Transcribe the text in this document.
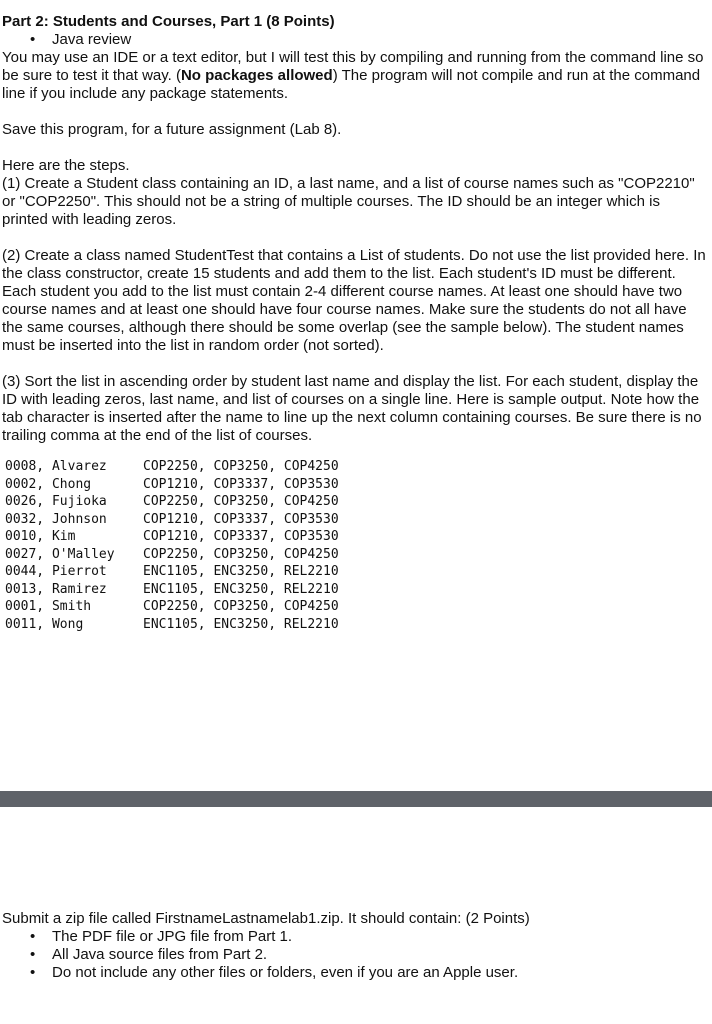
Part 2: Students and Courses, Part 1 (8 Points)

• Java review

You may use an IDE or a text editor, but I will test this by compiling and running from the command line so be sure to test it that way. (No packages allowed) The program will not compile and run at the command line if you include any package statements.

Save this program, for a future assignment (Lab 8).

Here are the steps.

(1) Create a Student class containing an ID, a last name, and a list of course names such as "COP2210" or "COP2250". This should not be a string of multiple courses. The ID should be an integer which is printed with leading zeros.

(2) Create a class named StudentTest that contains a List of students. Do not use the list provided here. In the class constructor, create 15 students and add them to the list. Each student's ID must be different. Each student you add to the list must contain 2-4 different course names. At least one should have two course names and at least one should have four course names. Make sure the students do not all have the same courses, although there should be some overlap (see the sample below). The student names must be inserted into the list in random order (not sorted).

(3) Sort the list in ascending order by student last name and display the list. For each student, display the ID with leading zeros, last name, and list of courses on a single line. Here is sample output. Note how the tab character is inserted after the name to line up the next column containing courses. Be sure there is no trailing comma at the end of the list of courses.

0008, Alvarez	COP2250, COP3250, COP4250
0002, Chong	COP1210, COP3337, COP3530
0026, Fujioka	COP2250, COP3250, COP4250
0032, Johnson	COP1210, COP3337, COP3530
0010, Kim	COP1210, COP3337, COP3530
0027, O'Malley	COP2250, COP3250, COP4250
0044, Pierrot	ENC1105, ENC3250, REL2210
0013, Ramirez	ENC1105, ENC3250, REL2210
0001, Smith	COP2250, COP3250, COP4250
0011, Wong	ENC1105, ENC3250, REL2210

Submit a zip file called FirstnameLastnamelab1.zip. It should contain: (2 Points)

• The PDF file or JPG file from Part 1.
• All Java source files from Part 2.
• Do not include any other files or folders, even if you are an Apple user.
